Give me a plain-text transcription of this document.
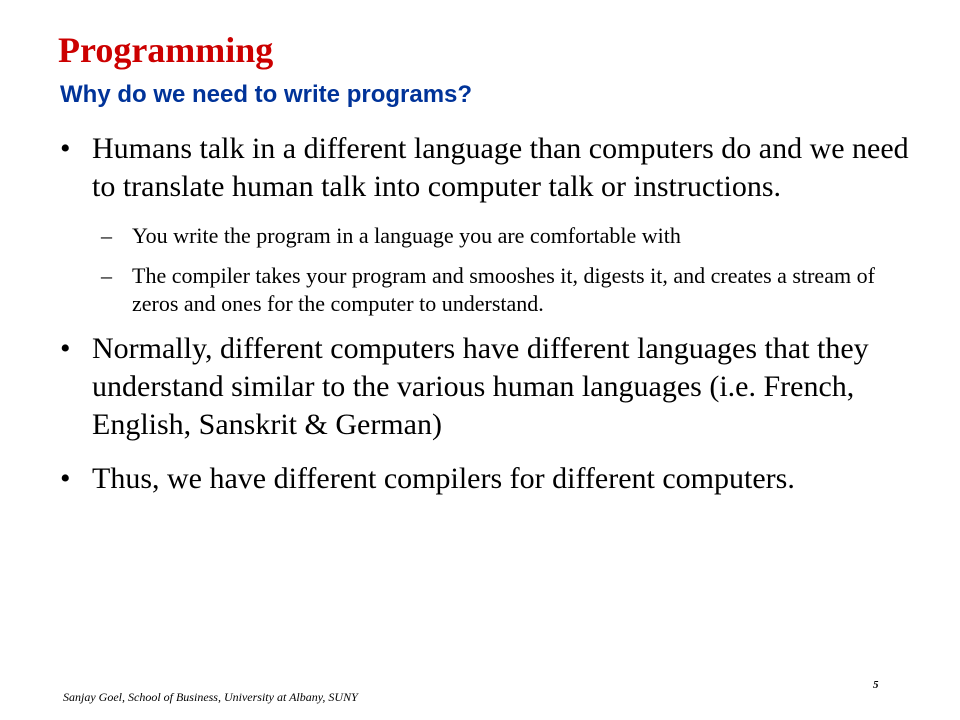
Programming
Why do we need to write programs?
• Humans talk in a different language than computers do and we need to translate human talk into computer talk or instructions.
– You write the program in a language you are comfortable with
– The compiler takes your program and smooshes it, digests it, and creates a stream of zeros and ones for the computer to understand.
• Normally, different computers have different languages that they understand similar to the various human languages (i.e. French, English, Sanskrit & German)
• Thus, we have different compilers for different computers.

Sanjay Goel, School of Business, University at Albany, SUNY

5
